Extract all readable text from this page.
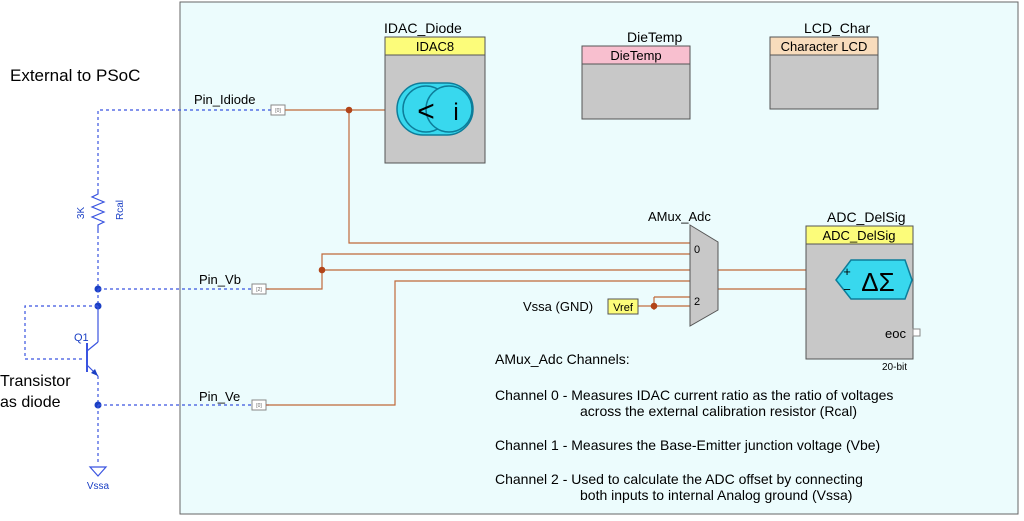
External to PSoC
3K	Rcal
Q1
Transistor
as diode
Vssa
Pin_Idiode
[0]
Pin_Vb
[2]
Pin_Ve
[0]
IDAC_Diode
IDAC8
< i
DieTemp
DieTemp
LCD_Char
Character LCD
AMux_Adc
0
2
Vssa (GND) Vref
ADC_DelSig
ADC_DelSig
ΔΣ
+
−
eoc
20-bit
AMux_Adc Channels:
Channel 0 - Measures IDAC current ratio as the ratio of voltages
across the external calibration resistor (Rcal)
Channel 1 - Measures the Base-Emitter junction voltage (Vbe)
Channel 2 - Used to calculate the ADC offset by connecting
both inputs to internal Analog ground (Vssa)
